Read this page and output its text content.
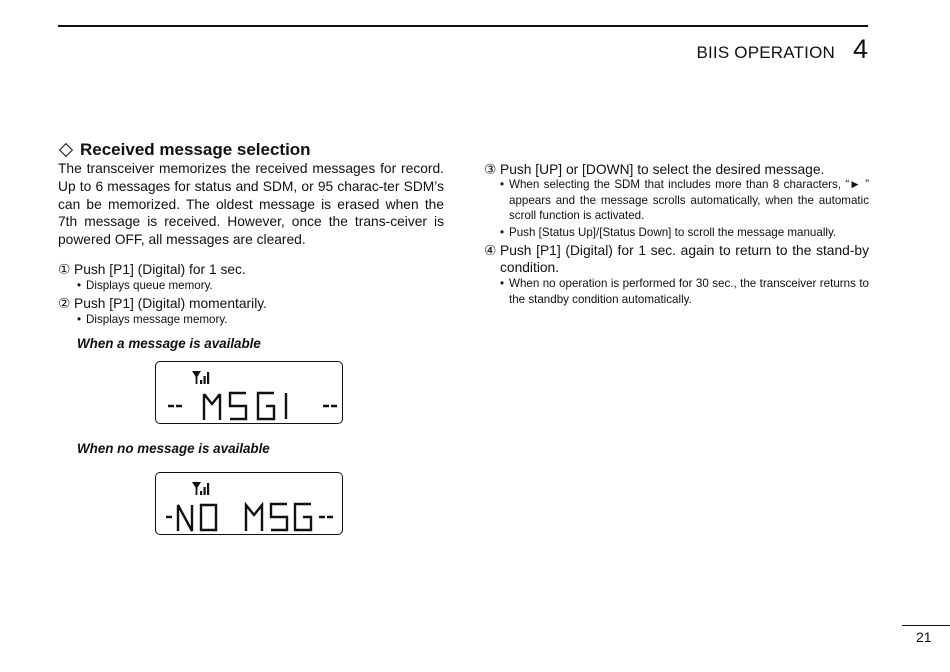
BIIS OPERATION 4
Received message selection

The transceiver memorizes the received messages for record. Up to 6 messages for status and SDM, or 95 charac-ter SDM’s can be memorized. The oldest message is erased when the 7th message is received. However, once the trans-ceiver is powered OFF, all messages are cleared.

① Push [P1] (Digital) for 1 sec.
• Displays queue memory.
② Push [P1] (Digital) momentarily.
• Displays message memory.
When a message is available
When no message is available
③ Push [UP] or [DOWN] to select the desired message.
• When selecting the SDM that includes more than 8 characters, “► ” appears and the message scrolls automatically, when the automatic scroll function is activated.
• Push [Status Up]/[Status Down] to scroll the message manually.
④ Push [P1] (Digital) for 1 sec. again to return to the stand-by condition.
• When no operation is performed for 30 sec., the transceiver returns to the standby condition automatically.
21
